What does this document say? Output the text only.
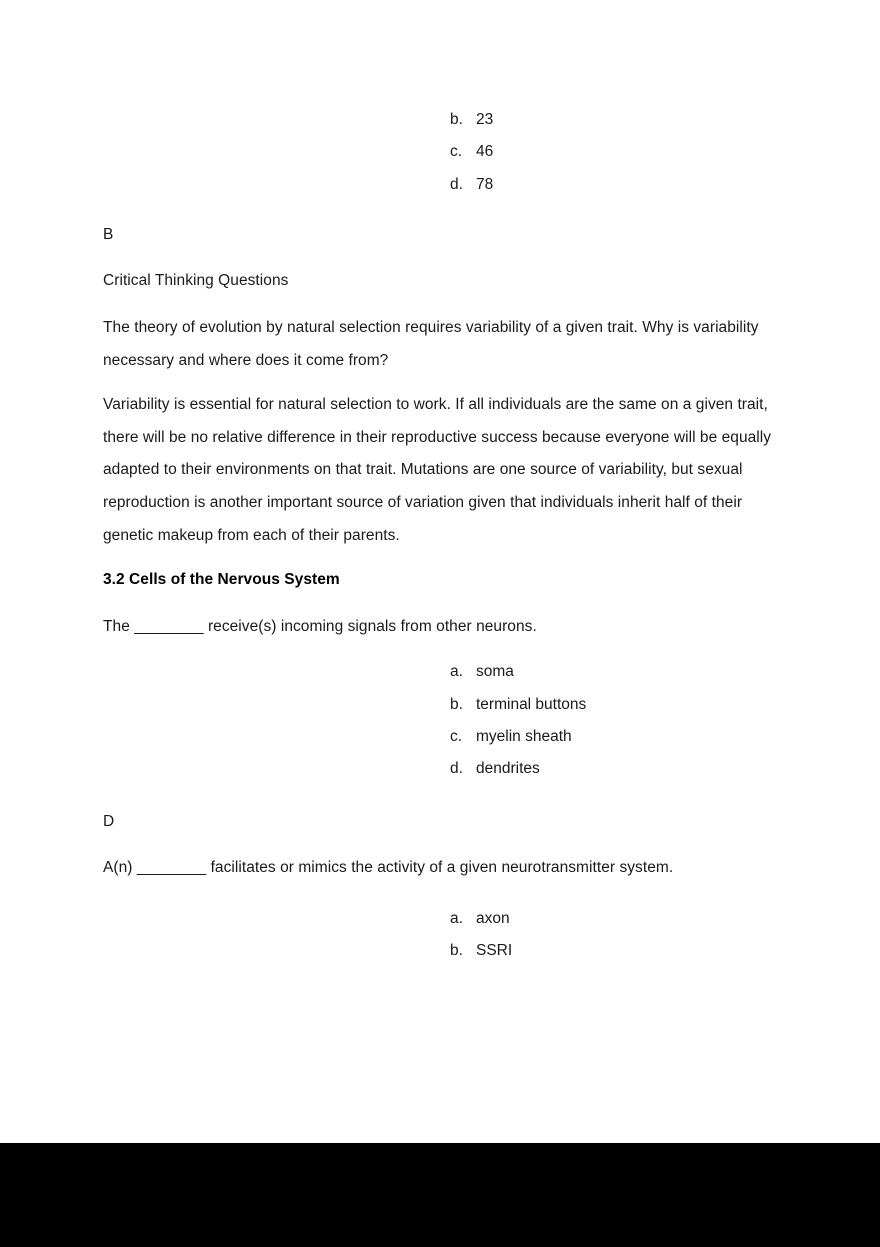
b. 23
c. 46
d. 78

B

Critical Thinking Questions

The theory of evolution by natural selection requires variability of a given trait. Why is variability necessary and where does it come from?

Variability is essential for natural selection to work. If all individuals are the same on a given trait, there will be no relative difference in their reproductive success because everyone will be equally adapted to their environments on that trait. Mutations are one source of variability, but sexual reproduction is another important source of variation given that individuals inherit half of their genetic makeup from each of their parents.

3.2 Cells of the Nervous System

The ________ receive(s) incoming signals from other neurons.

a. soma
b. terminal buttons
c. myelin sheath
d. dendrites

D

A(n) ________ facilitates or mimics the activity of a given neurotransmitter system.

a. axon
b. SSRI
